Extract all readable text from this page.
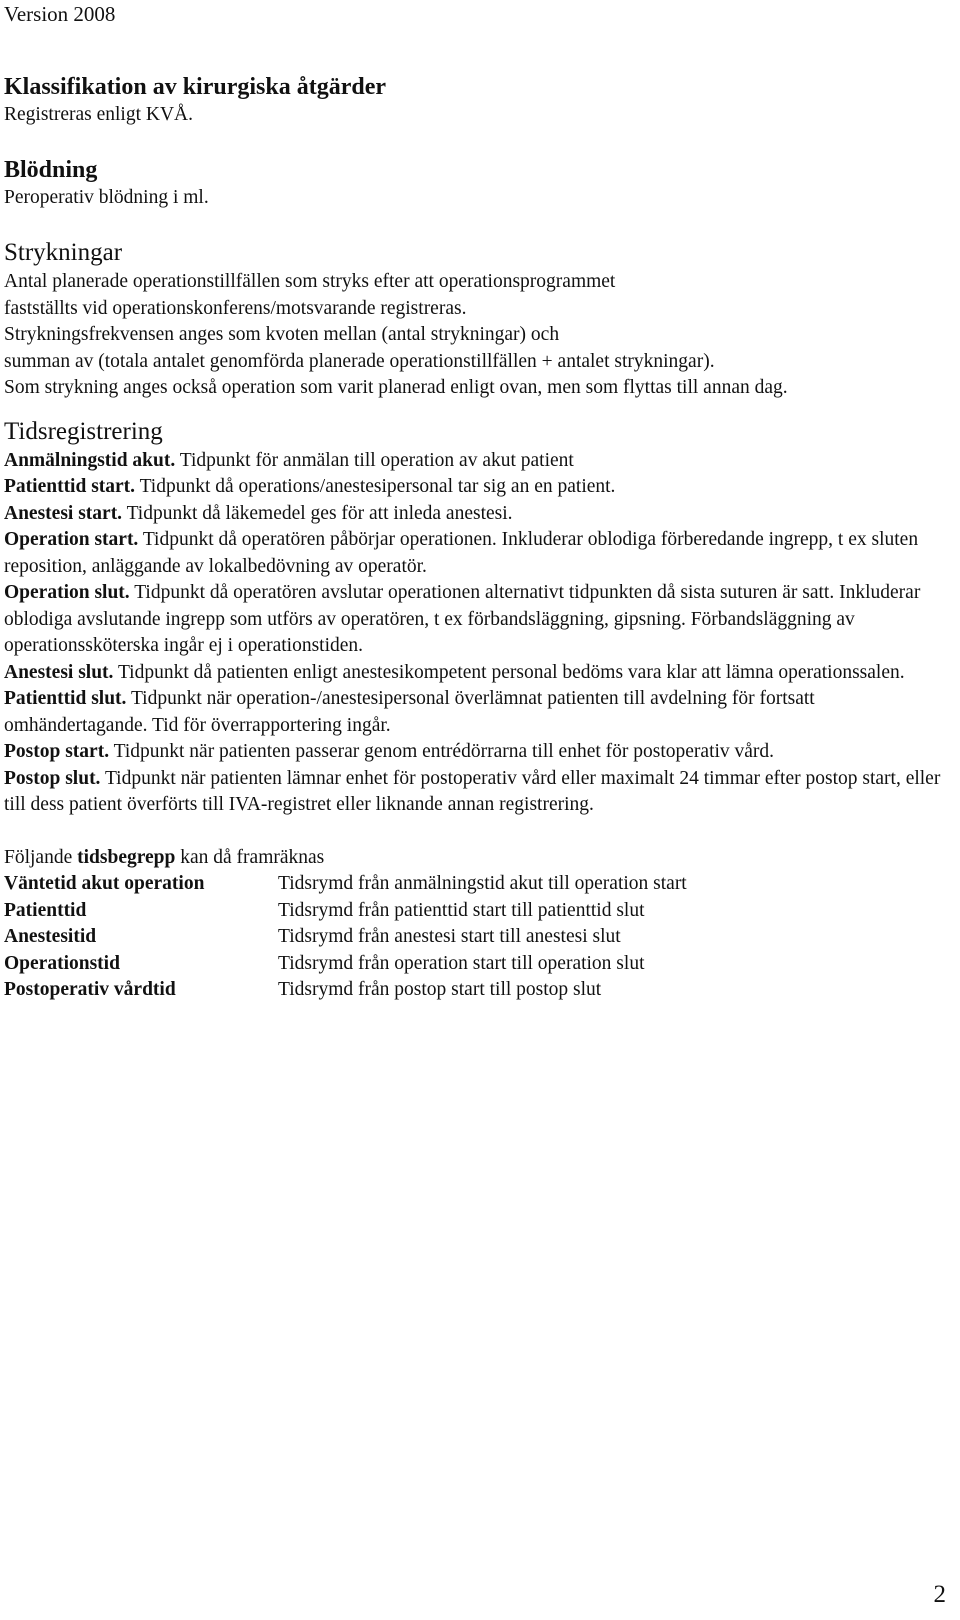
Version 2008
Klassifikation av kirurgiska åtgärder

Registreras enligt KVÅ.

Blödning

Peroperativ blödning i ml.

Strykningar

Antal planerade operationstillfällen som stryks efter att operationsprogrammet

fastställts vid operationskonferens/motsvarande registreras.

Strykningsfrekvensen anges som kvoten mellan (antal strykningar) och

summan av (totala antalet genomförda planerade operationstillfällen + antalet strykningar).

Som strykning anges också operation som varit planerad enligt ovan, men som flyttas till annan dag.

Tidsregistrering

Anmälningstid akut. Tidpunkt för anmälan till operation av akut patient

Patienttid start. Tidpunkt då operations/anestesipersonal tar sig an en patient.

Anestesi start. Tidpunkt då läkemedel ges för att inleda anestesi.

Operation start. Tidpunkt då operatören påbörjar operationen. Inkluderar oblodiga förberedande ingrepp, t ex sluten reposition, anläggande av lokalbedövning av operatör.

Operation slut. Tidpunkt då operatören avslutar operationen alternativt tidpunkten då sista suturen är satt. Inkluderar oblodiga avslutande ingrepp som utförs av operatören, t ex förbandsläggning, gipsning. Förbandsläggning av operationssköterska ingår ej i operationstiden.

Anestesi slut. Tidpunkt då patienten enligt anestesikompetent personal bedöms vara klar att lämna operationssalen.

Patienttid slut. Tidpunkt när operation-/anestesipersonal överlämnat patienten till avdelning för fortsatt omhändertagande. Tid för överrapportering ingår.

Postop start. Tidpunkt när patienten passerar genom entrédörrarna till enhet för postoperativ vård.

Postop slut. Tidpunkt när patienten lämnar enhet för postoperativ vård eller maximalt 24 timmar efter postop start, eller till dess patient överförts till IVA-registret eller liknande annan registrering.

Följande tidsbegrepp kan då framräknas

Väntetid akut operation	Tidsrymd från anmälningstid akut till operation start
Patienttid	Tidsrymd från patienttid start till patienttid slut
Anestesitid	Tidsrymd från anestesi start till anestesi slut
Operationstid	Tidsrymd från operation start till operation slut
Postoperativ vårdtid	Tidsrymd från postop start till postop slut
2
